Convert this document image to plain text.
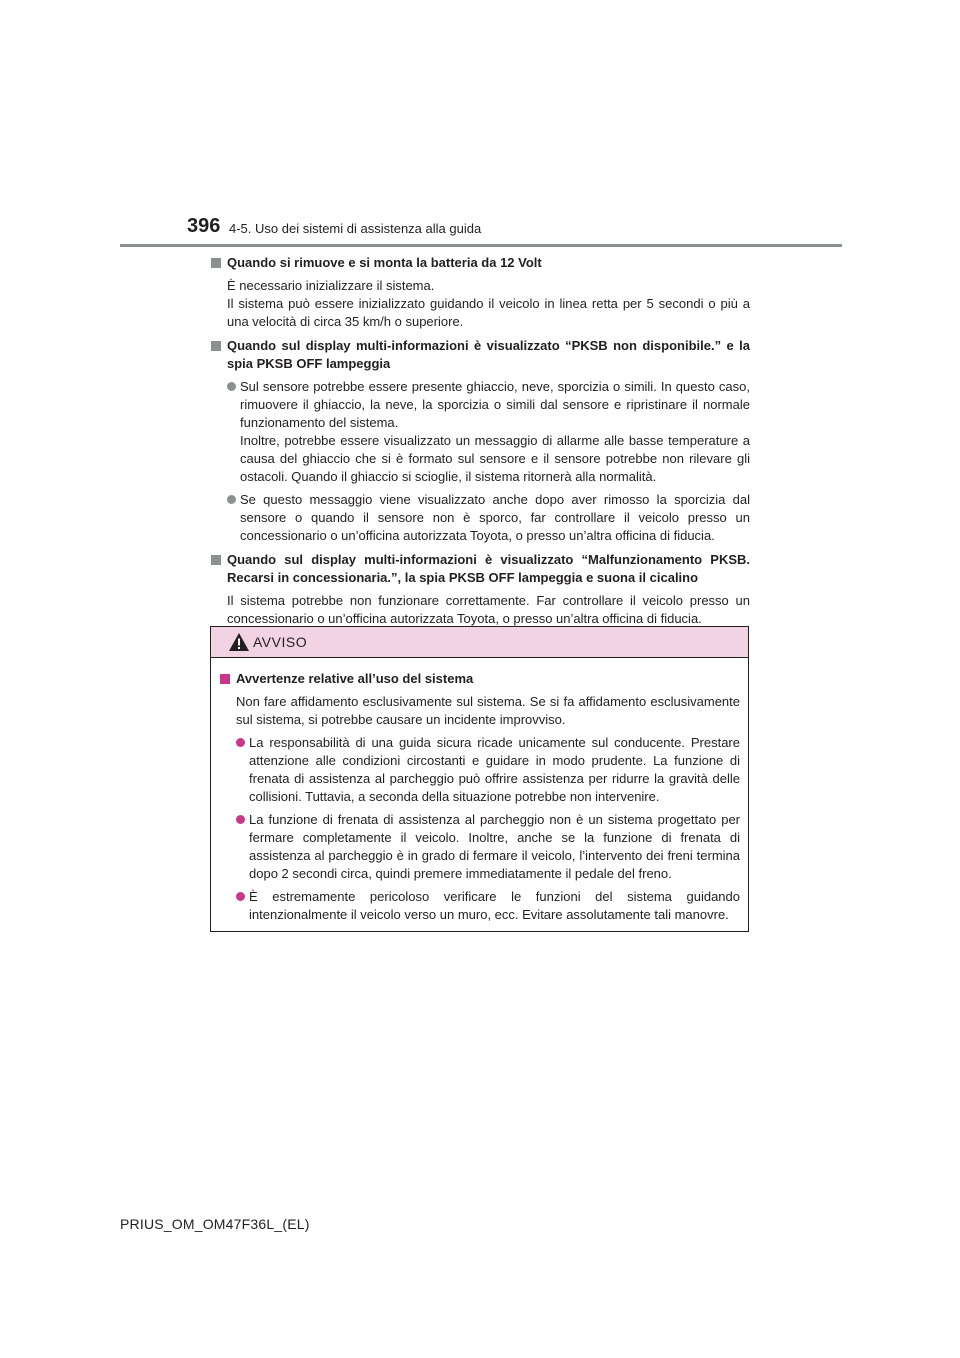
396 4-5. Uso dei sistemi di assistenza alla guida
Quando si rimuove e si monta la batteria da 12 Volt
È necessario inizializzare il sistema.
Il sistema può essere inizializzato guidando il veicolo in linea retta per 5 secondi o più a una velocità di circa 35 km/h o superiore.
Quando sul display multi-informazioni è visualizzato “PKSB non disponibile.” e la spia PKSB OFF lampeggia
Sul sensore potrebbe essere presente ghiaccio, neve, sporcizia o simili. In questo caso, rimuovere il ghiaccio, la neve, la sporcizia o simili dal sensore e ripristinare il normale funzionamento del sistema.
Inoltre, potrebbe essere visualizzato un messaggio di allarme alle basse temperature a causa del ghiaccio che si è formato sul sensore e il sensore potrebbe non rilevare gli ostacoli. Quando il ghiaccio si scioglie, il sistema ritornerà alla normalità.
Se questo messaggio viene visualizzato anche dopo aver rimosso la sporcizia dal sensore o quando il sensore non è sporco, far controllare il veicolo presso un concessionario o un’officina autorizzata Toyota, o presso un’altra officina di fiducia.
Quando sul display multi-informazioni è visualizzato “Malfunzionamento PKSB. Recarsi in concessionaria.”, la spia PKSB OFF lampeggia e suona il cicalino
Il sistema potrebbe non funzionare correttamente. Far controllare il veicolo presso un concessionario o un’officina autorizzata Toyota, o presso un’altra officina di fiducia.
AVVISO
Avvertenze relative all’uso del sistema
Non fare affidamento esclusivamente sul sistema. Se si fa affidamento esclusivamente sul sistema, si potrebbe causare un incidente improvviso.
La responsabilità di una guida sicura ricade unicamente sul conducente. Prestare attenzione alle condizioni circostanti e guidare in modo prudente. La funzione di frenata di assistenza al parcheggio può offrire assistenza per ridurre la gravità delle collisioni. Tuttavia, a seconda della situazione potrebbe non intervenire.
La funzione di frenata di assistenza al parcheggio non è un sistema progettato per fermare completamente il veicolo. Inoltre, anche se la funzione di frenata di assistenza al parcheggio è in grado di fermare il veicolo, l’intervento dei freni termina dopo 2 secondi circa, quindi premere immediatamente il pedale del freno.
È estremamente pericoloso verificare le funzioni del sistema guidando intenzionalmente il veicolo verso un muro, ecc. Evitare assolutamente tali manovre.
PRIUS_OM_OM47F36L_(EL)
